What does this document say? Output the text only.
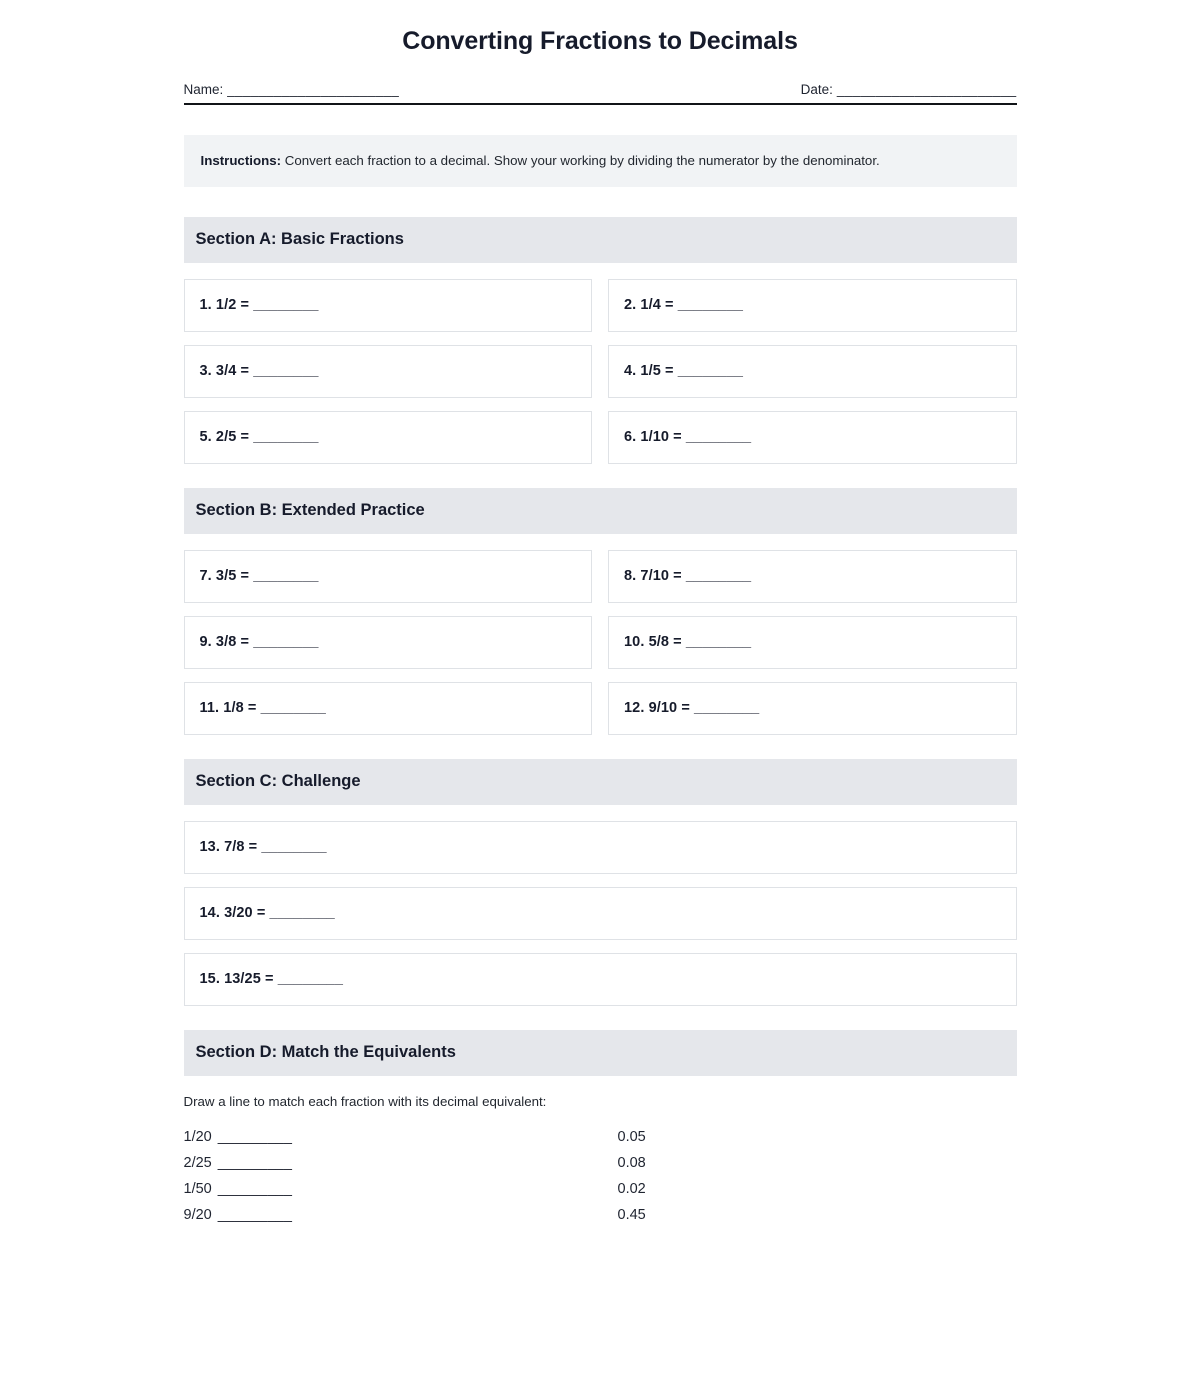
Converting Fractions to Decimals
Name: ______________________	Date: _______________________
Instructions: Convert each fraction to a decimal. Show your working by dividing the numerator by the denominator.
Section A: Basic Fractions
1. 1/2 = ________	2. 1/4 = ________
3. 3/4 = ________	4. 1/5 = ________
5. 2/5 = ________	6. 1/10 = ________
Section B: Extended Practice
7. 3/5 = ________	8. 7/10 = ________
9. 3/8 = ________	10. 5/8 = ________
11. 1/8 = ________	12. 9/10 = ________
Section C: Challenge
13. 7/8 = ________
14. 3/20 = ________
15. 13/25 = ________
Section D: Match the Equivalents

Draw a line to match each fraction with its decimal equivalent:

1/20 _________	0.05
2/25 _________	0.08
1/50 _________	0.02
9/20 _________	0.45
